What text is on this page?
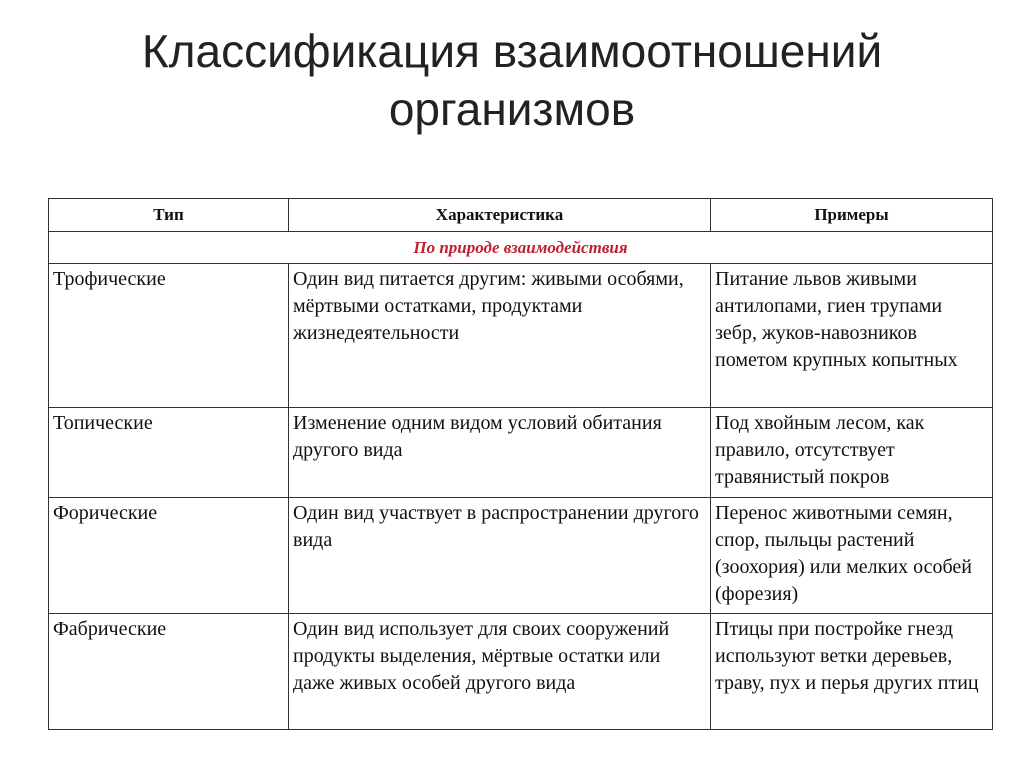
Классификация взаимоотношений
организмов
Тип	Характеристика	Примеры
По природе взаимодействия		
Трофические	Один вид питается другим: живыми особями, мёртвыми остатками, продуктами жизнедеятельности	Питание львов живыми антилопами, гиен трупами зебр, жуков-навозников пометом крупных копытных
Топические	Изменение одним видом условий обитания другого вида	Под хвойным лесом, как правило, отсутствует травянистый покров
Форические	Один вид участвует в распространении другого вида	Перенос животными семян, спор, пыльцы растений (зоохория) или мелких особей (форезия)
Фабрические	Один вид использует для своих сооружений продукты выделения, мёртвые остатки или даже живых особей другого вида	Птицы при постройке гнезд используют ветки деревьев, траву, пух и перья других птиц
